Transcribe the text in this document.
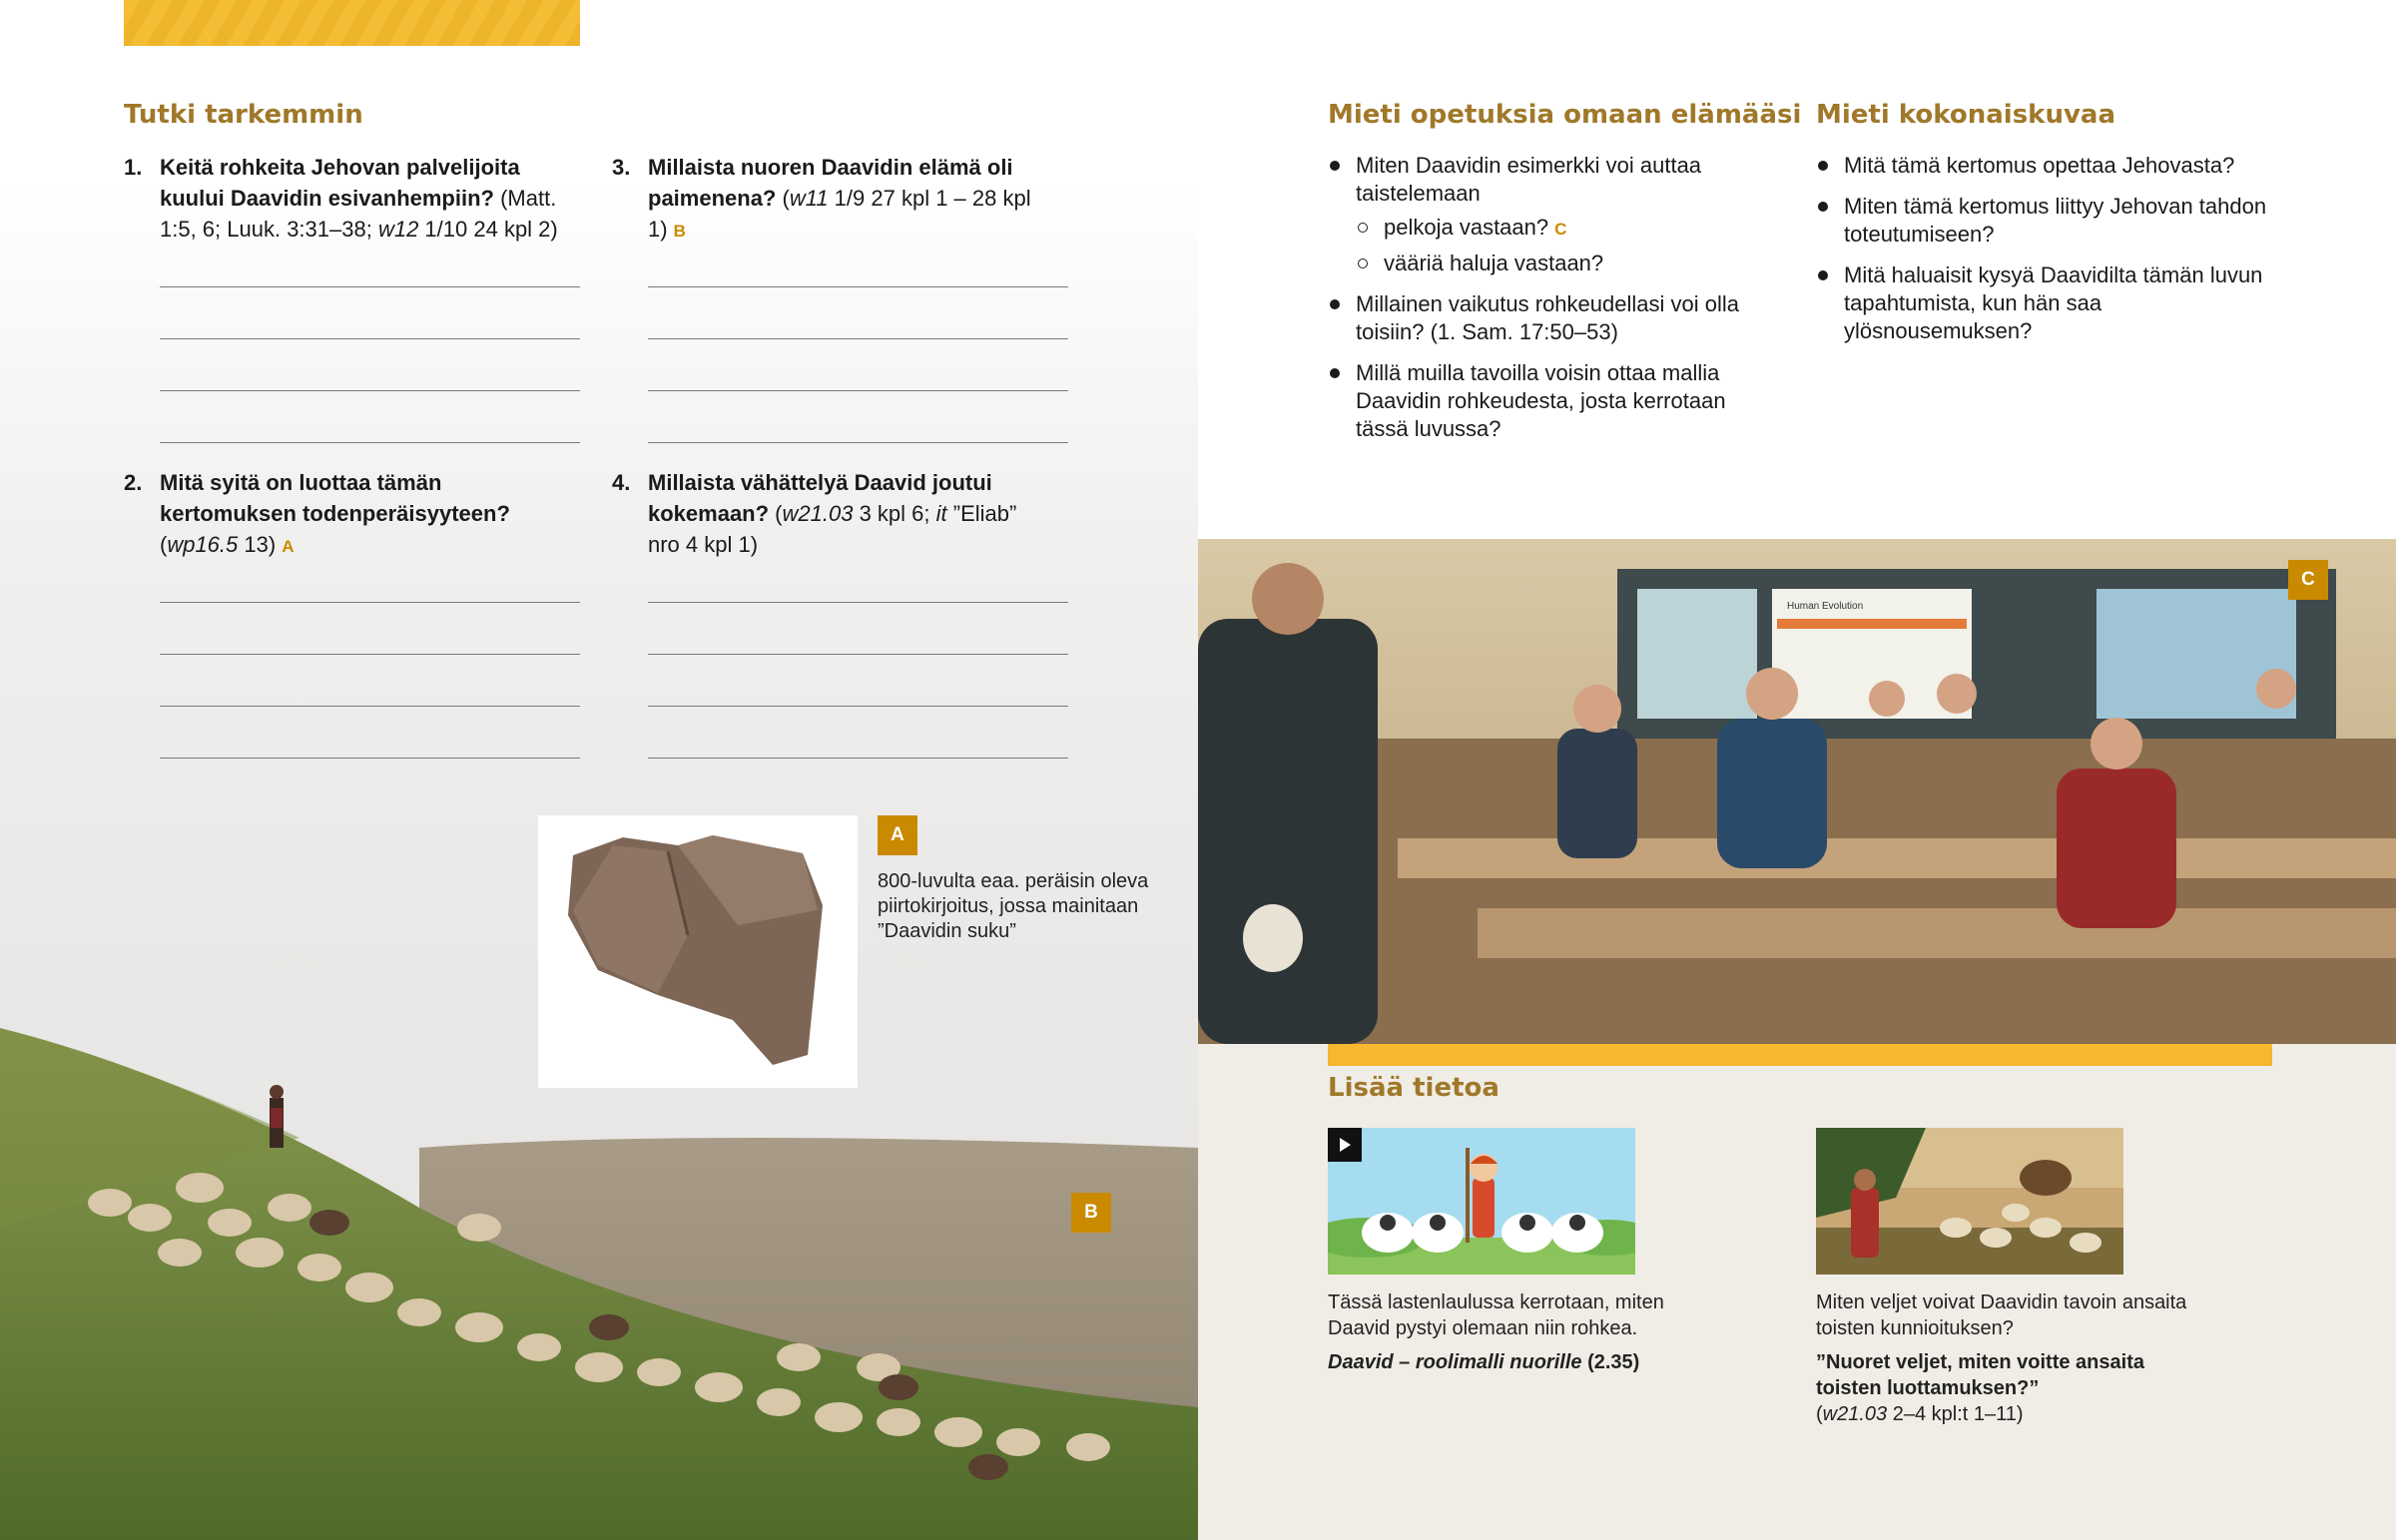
Tutki tarkemmin
1. Keitä rohkeita Jehovan palvelijoita kuului Daavidin esivanhempiin? (Matt. 1:5, 6; Luuk. 3:31–38; w12 1/10 24 kpl 2)
3. Millaista nuoren Daavidin elämä oli paimenena? (w11 1/9 27 kpl 1 – 28 kpl 1) B
2. Mitä syitä on luottaa tämän kertomuksen todenperäisyyteen? (wp16.5 13) A
4. Millaista vähättelyä Daavid joutui kokemaan? (w21.03 3 kpl 6; it ”Eliab” nro 4 kpl 1)
B
A
800-luvulta eaa. peräisin oleva piirtokirjoitus, jossa mainitaan ”Daavidin suku”
Mieti opetuksia omaan elämääsi
Miten Daavidin esimerkki voi auttaa taistelemaan
pelkoja vastaan? C
vääriä haluja vastaan?
Millainen vaikutus rohkeudellasi voi olla toisiin? (1. Sam. 17:50–53)
Millä muilla tavoilla voisin ottaa mallia Daavidin rohkeudesta, josta kerrotaan tässä luvussa?
Mieti kokonaiskuvaa
Mitä tämä kertomus opettaa Jehovasta?
Miten tämä kertomus liittyy Jehovan tahdon toteutumiseen?
Mitä haluaisit kysyä Daavidilta tämän luvun tapahtumista, kun hän saa ylösnousemuksen?
Human Evolution
C
Lisää tietoa
Tässä lastenlaulussa kerrotaan, miten Daavid pystyi olemaan niin rohkea.
Daavid – roolimalli nuorille (2.35)
Miten veljet voivat Daavidin tavoin ansaita toisten kunnioituksen?
”Nuoret veljet, miten voitte ansaita toisten luottamuksen?”
(w21.03 2–4 kpl:t 1–11)
